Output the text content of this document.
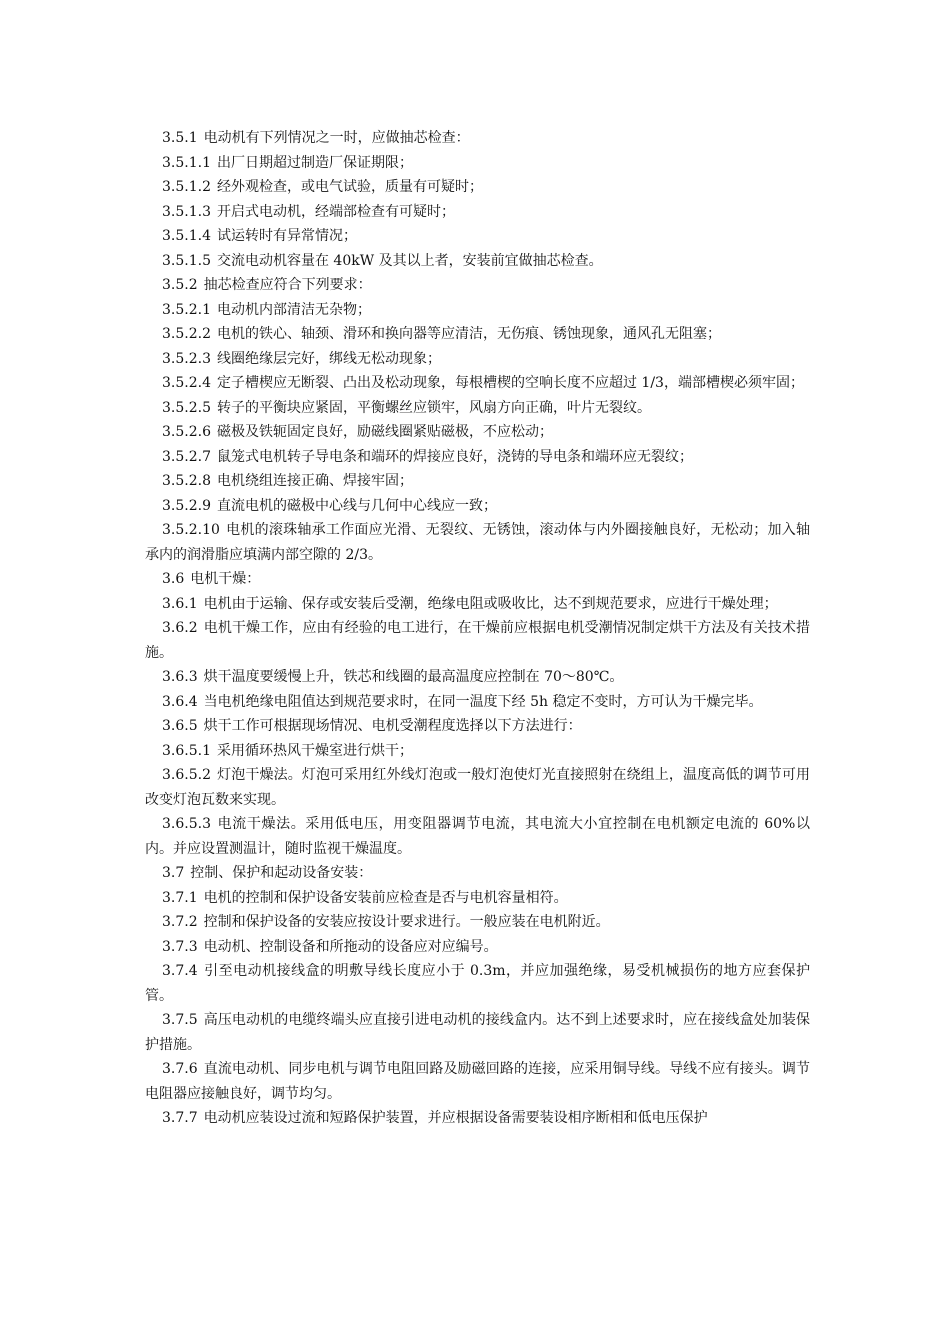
3.5.1 电动机有下列情况之一时，应做抽芯检查：

3.5.1.1 出厂日期超过制造厂保证期限；

3.5.1.2 经外观检查，或电气试验，质量有可疑时；

3.5.1.3 开启式电动机，经端部检查有可疑时；

3.5.1.4 试运转时有异常情况；

3.5.1.5 交流电动机容量在 40kW 及其以上者，安装前宜做抽芯检查。

3.5.2 抽芯检查应符合下列要求：

3.5.2.1 电动机内部清洁无杂物；

3.5.2.2 电机的铁心、轴颈、滑环和换向器等应清洁，无伤痕、锈蚀现象，通风孔无阻塞；

3.5.2.3 线圈绝缘层完好，绑线无松动现象；

3.5.2.4 定子槽楔应无断裂、凸出及松动现象，每根槽楔的空响长度不应超过 1/3，端部槽楔必须牢固；

3.5.2.5 转子的平衡块应紧固，平衡螺丝应锁牢，风扇方向正确，叶片无裂纹。

3.5.2.6 磁极及铁轭固定良好，励磁线圈紧贴磁极，不应松动；

3.5.2.7 鼠笼式电机转子导电条和端环的焊接应良好，浇铸的导电条和端环应无裂纹；

3.5.2.8 电机绕组连接正确、焊接牢固；

3.5.2.9 直流电机的磁极中心线与几何中心线应一致；

3.5.2.10 电机的滚珠轴承工作面应光滑、无裂纹、无锈蚀，滚动体与内外圈接触良好，无松动；加入轴承内的润滑脂应填满内部空隙的 2/3。

3.6 电机干燥：

3.6.1 电机由于运输、保存或安装后受潮，绝缘电阻或吸收比，达不到规范要求，应进行干燥处理；

3.6.2 电机干燥工作，应由有经验的电工进行，在干燥前应根据电机受潮情况制定烘干方法及有关技术措施。

3.6.3 烘干温度要缓慢上升，铁芯和线圈的最高温度应控制在 70～80℃。

3.6.4 当电机绝缘电阻值达到规范要求时，在同一温度下经 5h 稳定不变时，方可认为干燥完毕。

3.6.5 烘干工作可根据现场情况、电机受潮程度选择以下方法进行：

3.6.5.1 采用循环热风干燥室进行烘干；

3.6.5.2 灯泡干燥法。灯泡可采用红外线灯泡或一般灯泡使灯光直接照射在绕组上，温度高低的调节可用改变灯泡瓦数来实现。

3.6.5.3 电流干燥法。采用低电压，用变阻器调节电流，其电流大小宜控制在电机额定电流的 60%以内。并应设置测温计，随时监视干燥温度。

3.7 控制、保护和起动设备安装：

3.7.1 电机的控制和保护设备安装前应检查是否与电机容量相符。

3.7.2 控制和保护设备的安装应按设计要求进行。一般应装在电机附近。

3.7.3 电动机、控制设备和所拖动的设备应对应编号。

3.7.4 引至电动机接线盒的明敷导线长度应小于 0.3m，并应加强绝缘，易受机械损伤的地方应套保护管。

3.7.5 高压电动机的电缆终端头应直接引进电动机的接线盒内。达不到上述要求时，应在接线盒处加装保护措施。

3.7.6 直流电动机、同步电机与调节电阻回路及励磁回路的连接，应采用铜导线。导线不应有接头。调节电阻器应接触良好，调节均匀。

3.7.7 电动机应装设过流和短路保护装置，并应根据设备需要装设相序断相和低电压保护
